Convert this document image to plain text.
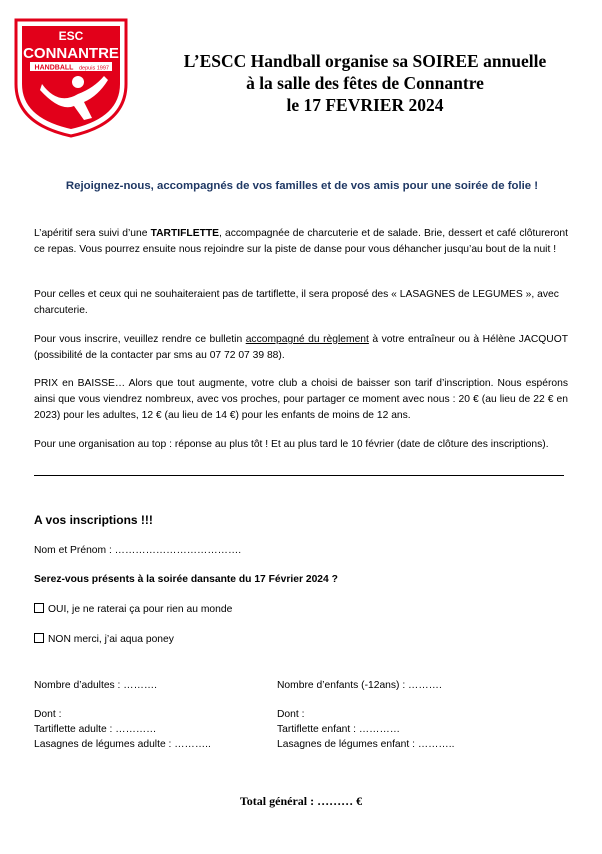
ESC
CONNANTRE
HANDBALL depuis 1997	L’ESCC Handball organise sa SOIREE annuelle
à la salle des fêtes de Connantre
le 17 FEVRIER 2024
Rejoignez-nous, accompagnés de vos familles et de vos amis pour une soirée de folie !
L’apéritif sera suivi d’une TARTIFLETTE, accompagnée de charcuterie et de salade. Brie, dessert et café clôtureront ce repas. Vous pourrez ensuite nous rejoindre sur la piste de danse pour vous déhancher jusqu’au bout de la nuit !
Pour celles et ceux qui ne souhaiteraient pas de tartiflette, il sera proposé des « LASAGNES de LEGUMES », avec charcuterie.
Pour vous inscrire, veuillez rendre ce bulletin accompagné du règlement à votre entraîneur ou à Hélène JACQUOT (possibilité de la contacter par sms au 07 72 07 39 88).
PRIX en BAISSE… Alors que tout augmente, votre club a choisi de baisser son tarif d’inscription. Nous espérons ainsi que vous viendrez nombreux, avec vos proches, pour partager ce moment avec nous : 20 € (au lieu de 22 € en 2023) pour les adultes, 12 € (au lieu de 14 €) pour les enfants de moins de 12 ans.
Pour une organisation au top : réponse au plus tôt ! Et au plus tard le 10 février (date de clôture des inscriptions).
A vos inscriptions !!!
Nom et Prénom : ……………………………….
Serez-vous présents à la soirée dansante du 17 Février 2024 ?
OUI, je ne raterai ça pour rien au monde
NON merci, j’ai aqua poney
Nombre d’adultes : ……….	Nombre d’enfants (-12ans) : ……….
Dont :
Tartiflette adulte : …………
Lasagnes de légumes adulte : ………..
Dont :
Tartiflette enfant : …………
Lasagnes de légumes enfant : ………..
Total général : ……… €
